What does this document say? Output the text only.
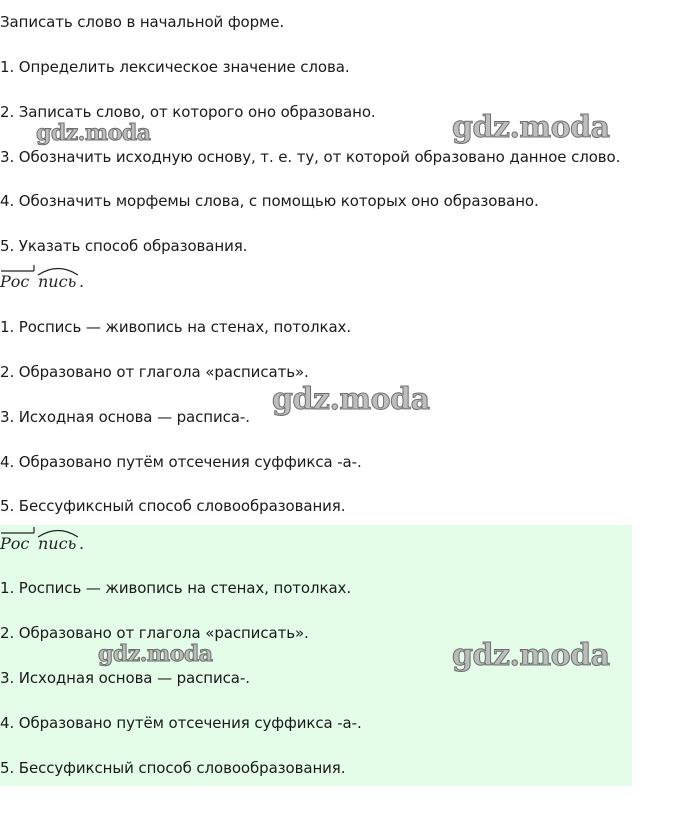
Записать слово в начальной форме.
1. Определить лексическое значение слова.
2. Записать слово, от которого оно образовано.
3. Обозначить исходную основу, т. е. ту, от которой образовано данное слово.
4. Обозначить морфемы слова, с помощью которых оно образовано.
5. Указать способ образования.
Рос пись .
1. Роспись — живопись на стенах, потолках.
2. Образовано от глагола «расписать».
3. Исходная основа — расписа-.
4. Образовано путём отсечения суффикса -а-.
5. Бессуфиксный способ словообразования.
Рос пись .
1. Роспись — живопись на стенах, потолках.
2. Образовано от глагола «расписать».
3. Исходная основа — расписа-.
4. Образовано путём отсечения суффикса -а-.
5. Бессуфиксный способ словообразования.
gdz.moda	gdz.moda
gdz.moda
gdz.moda	gdz.moda
